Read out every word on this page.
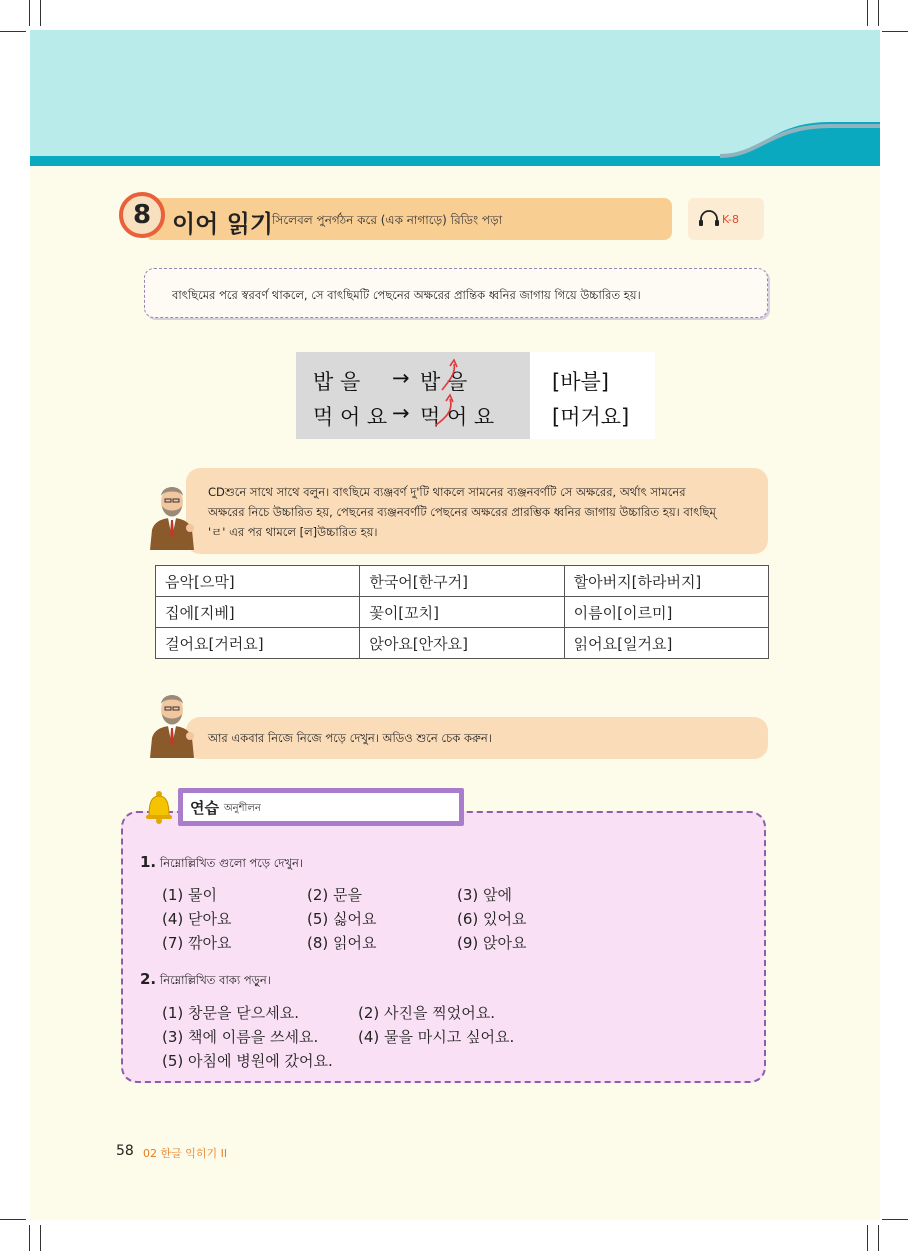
8 이어 읽기
সিলেবল পুনর্গঠন করে (এক নাগাড়ে) রিডিং পড়া	K-8
বাৎছিমের পরে স্বরবর্ণ থাকলে, সে বাৎছিমটি পেছনের অক্ষরের প্রান্তিক ধ্বনির জাগায় গিয়ে উচ্চারিত হয়।
밥 을 → 밥 을	[바블]
먹 어 요 → 먹 어 요	[머거요]
CDশুনে সাথে সাথে বলুন। বাৎছিমে ব্যঞ্জবর্ণ দু'টি থাকলে সামনের ব্যঞ্জনবর্ণটি সে অক্ষরের, অর্থাৎ সামনের
অক্ষরের নিচে উচ্চারিত হয়, পেছনের ব্যঞ্জনবর্ণটি পেছনের অক্ষরের প্রারম্ভিক ধ্বনির জাগায় উচ্চারিত হয়। বাৎছিম্
'ㄹ' এর পর থামলে [ল]উচ্চারিত হয়।
음악[으막]	한국어[한구거]	할아버지[하라버지]
집에[지베]	꽃이[꼬치]	이름이[이르미]
걸어요[거러요]	앉아요[안자요]	읽어요[일거요]
আর একবার নিজে নিজে পড়ে দেখুন। অডিও শুনে চেক করুন।
연습 অনুশীলন
1. নিম্নোল্লিখিত গুলো পড়ে দেখুন।
(1) 물이	(2) 문을	(3) 앞에
(4) 닫아요	(5) 싫어요	(6) 있어요
(7) 깎아요	(8) 읽어요	(9) 앉아요
2. নিম্নোল্লিখিত বাক্য পড়ুন।
(1) 창문을 닫으세요.	(2) 사진을 찍었어요.
(3) 책에 이름을 쓰세요.	(4) 물을 마시고 싶어요.
(5) 아침에 병원에 갔어요.
58 02 한글 익히기 II
